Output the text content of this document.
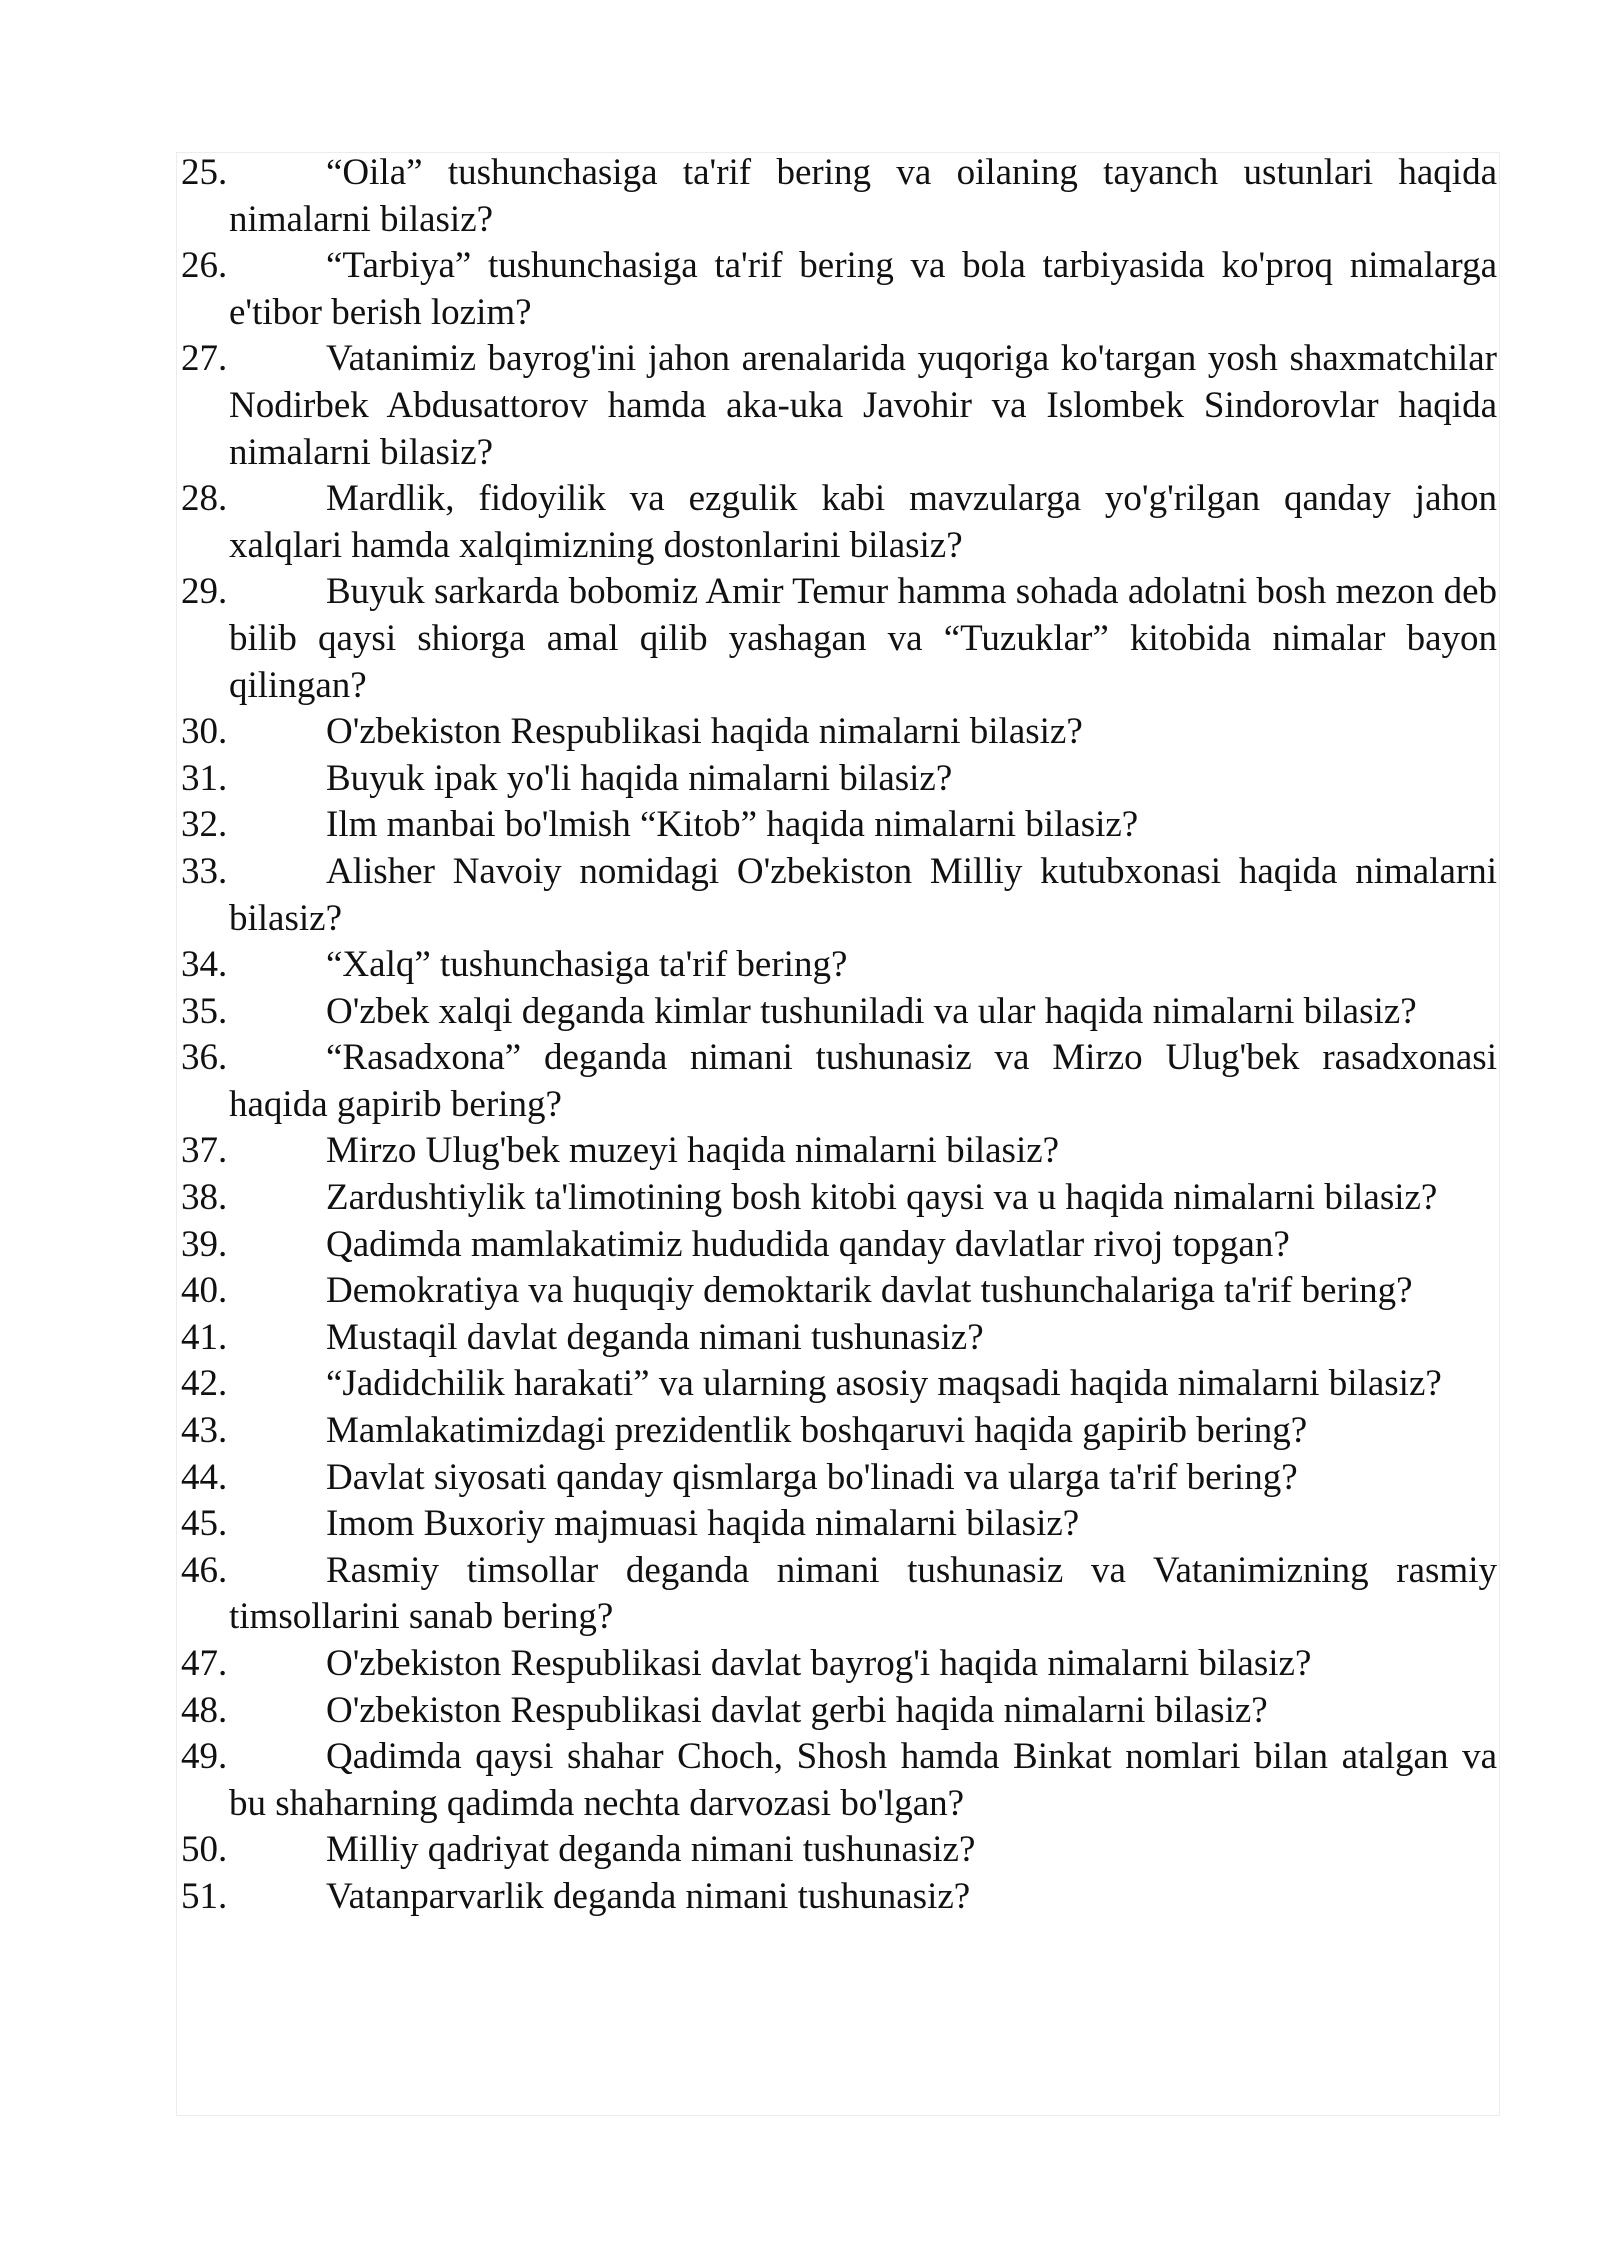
25.	“Oila” tushunchasiga ta'rif bering va oilaning tayanch ustunlari haqida nimalarni bilasiz?

26.	“Tarbiya” tushunchasiga ta'rif bering va bola tarbiyasida ko'proq nimalarga e'tibor berish lozim?

27.	Vatanimiz bayrog'ini jahon arenalarida yuqoriga ko'targan yosh shaxmatchilar Nodirbek Abdusattorov hamda aka-uka Javohir va Islombek Sindorovlar haqida nimalarni bilasiz?

28.	Mardlik, fidoyilik va ezgulik kabi mavzularga yo'g'rilgan qanday jahon xalqlari hamda xalqimizning dostonlarini bilasiz?

29.	Buyuk sarkarda bobomiz Amir Temur hamma sohada adolatni bosh mezon deb bilib qaysi shiorga amal qilib yashagan va “Tuzuklar” kitobida nimalar bayon qilingan?

30.	O'zbekiston Respublikasi haqida nimalarni bilasiz?

31.	Buyuk ipak yo'li haqida nimalarni bilasiz?

32.	Ilm manbai bo'lmish “Kitob” haqida nimalarni bilasiz?

33.	Alisher Navoiy nomidagi O'zbekiston Milliy kutubxonasi haqida nimalarni bilasiz?

34.	“Xalq” tushunchasiga ta'rif bering?

35.	O'zbek xalqi deganda kimlar tushuniladi va ular haqida nimalarni bilasiz?

36.	“Rasadxona” deganda nimani tushunasiz va Mirzo Ulug'bek rasadxonasi haqida gapirib bering?

37.	Mirzo Ulug'bek muzeyi haqida nimalarni bilasiz?

38.	Zardushtiylik ta'limotining bosh kitobi qaysi va u haqida nimalarni bilasiz?

39.	Qadimda mamlakatimiz hududida qanday davlatlar rivoj topgan?

40.	Demokratiya va huquqiy demoktarik davlat tushunchalariga ta'rif bering?

41.	Mustaqil davlat deganda nimani tushunasiz?

42.	“Jadidchilik harakati” va ularning asosiy maqsadi haqida nimalarni bilasiz?

43.	Mamlakatimizdagi prezidentlik boshqaruvi haqida gapirib bering?

44.	Davlat siyosati qanday qismlarga bo'linadi va ularga ta'rif bering?

45.	Imom Buxoriy majmuasi haqida nimalarni bilasiz?

46.	Rasmiy timsollar deganda nimani tushunasiz va Vatanimizning rasmiy timsollarini sanab bering?

47.	O'zbekiston Respublikasi davlat bayrog'i haqida nimalarni bilasiz?

48.	O'zbekiston Respublikasi davlat gerbi haqida nimalarni bilasiz?

49.	Qadimda qaysi shahar Choch, Shosh hamda Binkat nomlari bilan atalgan va bu shaharning qadimda nechta darvozasi bo'lgan?

50.	Milliy qadriyat deganda nimani tushunasiz?

51.	Vatanparvarlik deganda nimani tushunasiz?
